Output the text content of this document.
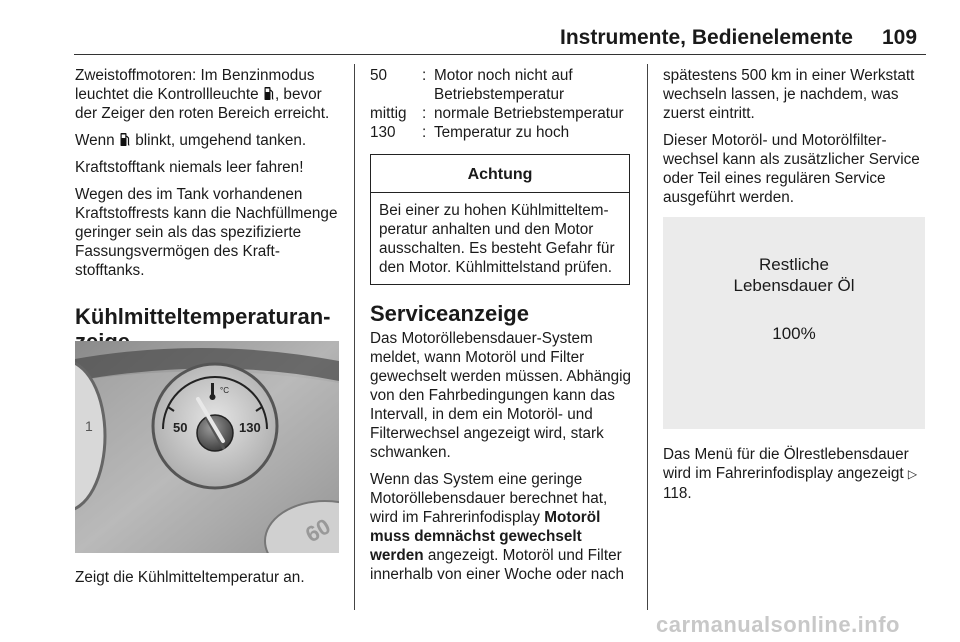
Instrumente, Bedienelemente 109

Zweistoffmotoren: Im Benzinmodus leuchtet die Kontrollleuchte , bevor der Zeiger den roten Bereich erreicht.

Wenn blinkt, umgehend tanken.

Kraftstofftank niemals leer fahren!

Wegen des im Tank vorhandenen Kraftstoffrests kann die Nachfüllmenge geringer sein als das spezifizierte Fassungsvermögen des Kraftstofftanks.

Kühlmitteltemperaturan
1	50	130
°C
60
Zeigt die Kühlmitteltemperatur an.
50	:	Motor noch nicht auf Betriebstemperatur
mittig	:	normale Betriebstemperatur
130	:	Temperatur zu hoch
Achtung
Bei einer zu hohen Kühlmitteltemperatur anhalten und den Motor ausschalten. Es besteht Gefahr für den Motor. Kühlmittelstand prüfen.
Serviceanzeige

Das Motoröllebensdauer-System meldet, wann Motoröl und Filter gewechselt werden müssen. Abhängig von den Fahrbedingungen kann das Intervall, in dem ein Motoröl- und Filterwechsel angezeigt wird, stark schwanken.

Wenn das System eine geringe Motoröllebensdauer berechnet hat, wird im Fahrerinfodisplay Motoröl muss demnächst gewechselt werden angezeigt. Motoröl und Filter innerhalb von einer Woche oder nach

spätestens 500 km in einer Werkstatt wechseln lassen, je nachdem, was zuerst eintritt.

Dieser Motoröl- und Motorölfilterwechsel kann als zusätzlicher Service oder Teil eines regulären Service ausgeführt werden.

Restliche
Lebensdauer Öl
100%

Das Menü für die Ölrestlebensdauer wird im Fahrerinfodisplay angezeigt ▷ 118.

carmanualsonline.info
